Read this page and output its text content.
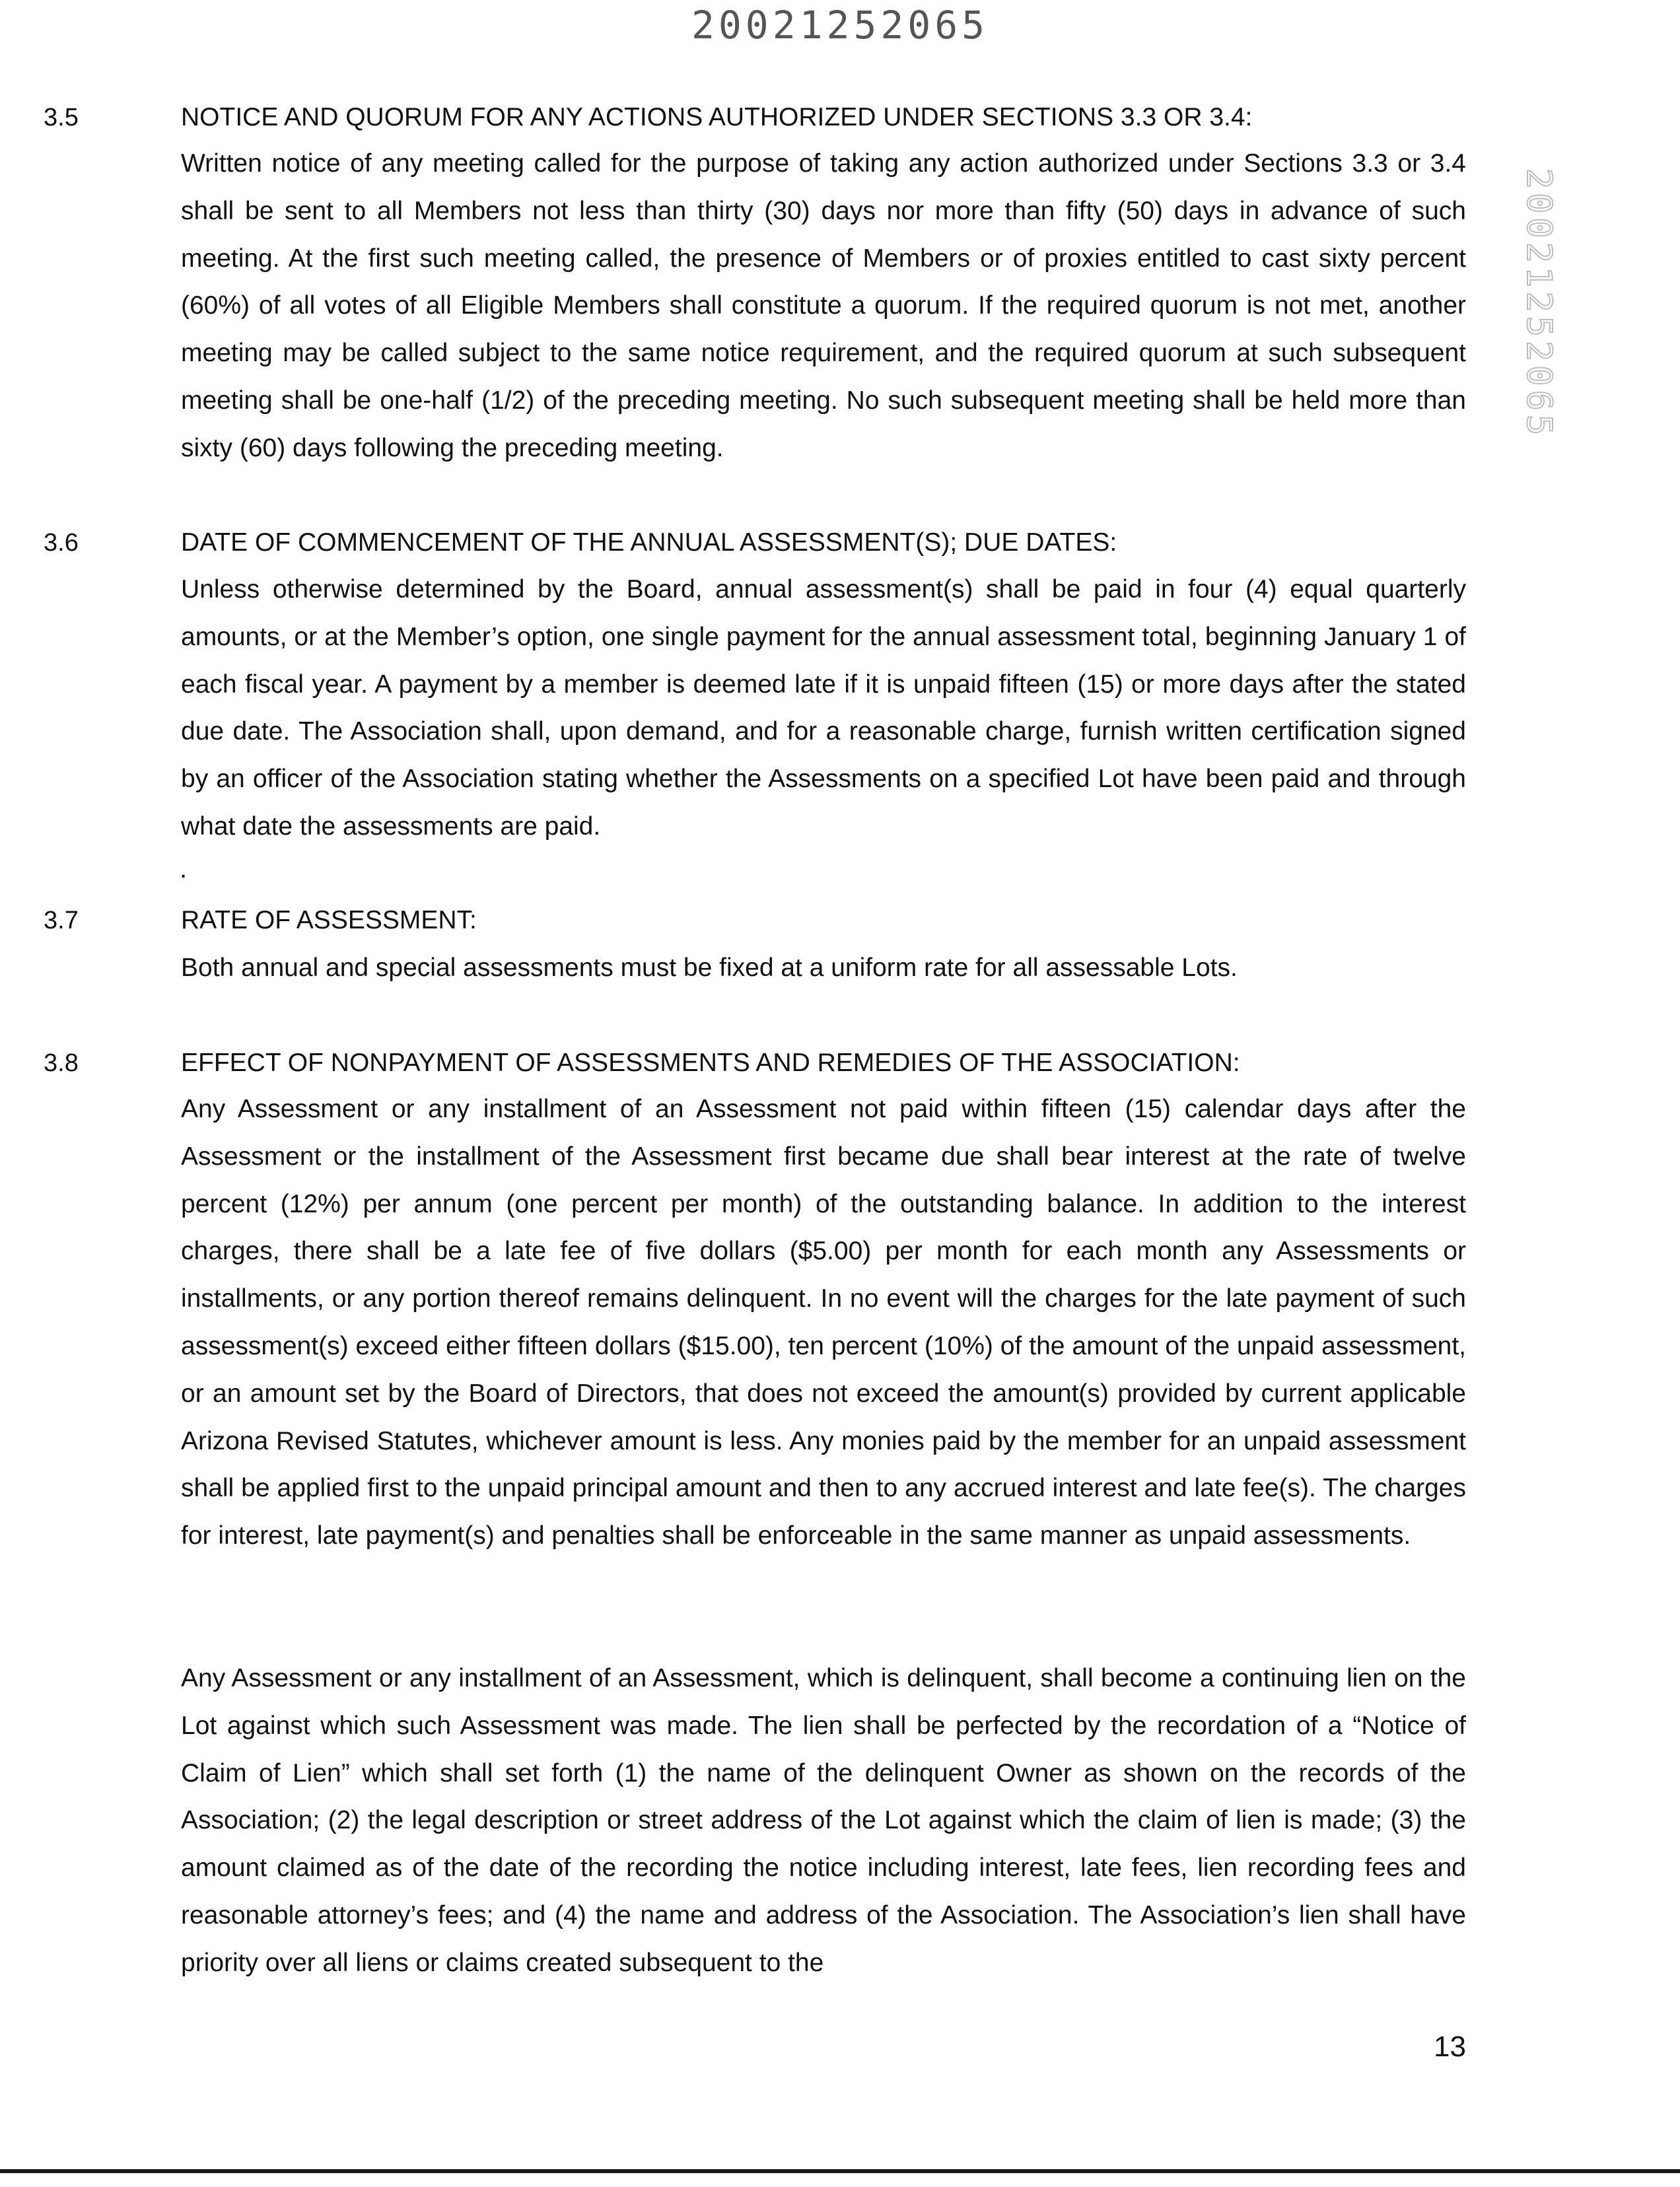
20021252065
20021252065
3.5	NOTICE AND QUORUM FOR ANY ACTIONS AUTHORIZED UNDER SECTIONS 3.3 OR 3.4:

Written notice of any meeting called for the purpose of taking any action authorized under Sections 3.3 or 3.4 shall be sent to all Members not less than thirty (30) days nor more than fifty (50) days in advance of such meeting. At the first such meeting called, the presence of Members or of proxies entitled to cast sixty percent (60%) of all votes of all Eligible Members shall constitute a quorum. If the required quorum is not met, another meeting may be called subject to the same notice requirement, and the required quorum at such subsequent meeting shall be one-half (1/2) of the preceding meeting. No such subsequent meeting shall be held more than sixty (60) days following the preceding meeting.

3.6	DATE OF COMMENCEMENT OF THE ANNUAL ASSESSMENT(S); DUE DATES:

Unless otherwise determined by the Board, annual assessment(s) shall be paid in four (4) equal quarterly amounts, or at the Member’s option, one single payment for the annual assessment total, beginning January 1 of each fiscal year. A payment by a member is deemed late if it is unpaid fifteen (15) or more days after the stated due date. The Association shall, upon demand, and for a reasonable charge, furnish written certification signed by an officer of the Association stating whether the Assessments on a specified Lot have been paid and through what date the assessments are paid.

.
3.7	RATE OF ASSESSMENT:

Both annual and special assessments must be fixed at a uniform rate for all assessable Lots.

3.8	EFFECT OF NONPAYMENT OF ASSESSMENTS AND REMEDIES OF THE ASSOCIATION:

Any Assessment or any installment of an Assessment not paid within fifteen (15) calendar days after the Assessment or the installment of the Assessment first became due shall bear interest at the rate of twelve percent (12%) per annum (one percent per month) of the outstanding balance. In addition to the interest charges, there shall be a late fee of five dollars ($5.00) per month for each month any Assessments or installments, or any portion thereof remains delinquent. In no event will the charges for the late payment of such assessment(s) exceed either fifteen dollars ($15.00), ten percent (10%) of the amount of the unpaid assessment, or an amount set by the Board of Directors, that does not exceed the amount(s) provided by current applicable Arizona Revised Statutes, whichever amount is less. Any monies paid by the member for an unpaid assessment shall be applied first to the unpaid principal amount and then to any accrued interest and late fee(s). The charges for interest, late payment(s) and penalties shall be enforceable in the same manner as unpaid assessments.

Any Assessment or any installment of an Assessment, which is delinquent, shall become a continuing lien on the Lot against which such Assessment was made. The lien shall be perfected by the recordation of a “Notice of Claim of Lien” which shall set forth (1) the name of the delinquent Owner as shown on the records of the Association; (2) the legal description or street address of the Lot against which the claim of lien is made; (3) the amount claimed as of the date of the recording the notice including interest, late fees, lien recording fees and reasonable attorney’s fees; and (4) the name and address of the Association. The Association’s lien shall have priority over all liens or claims created subsequent to the

13
